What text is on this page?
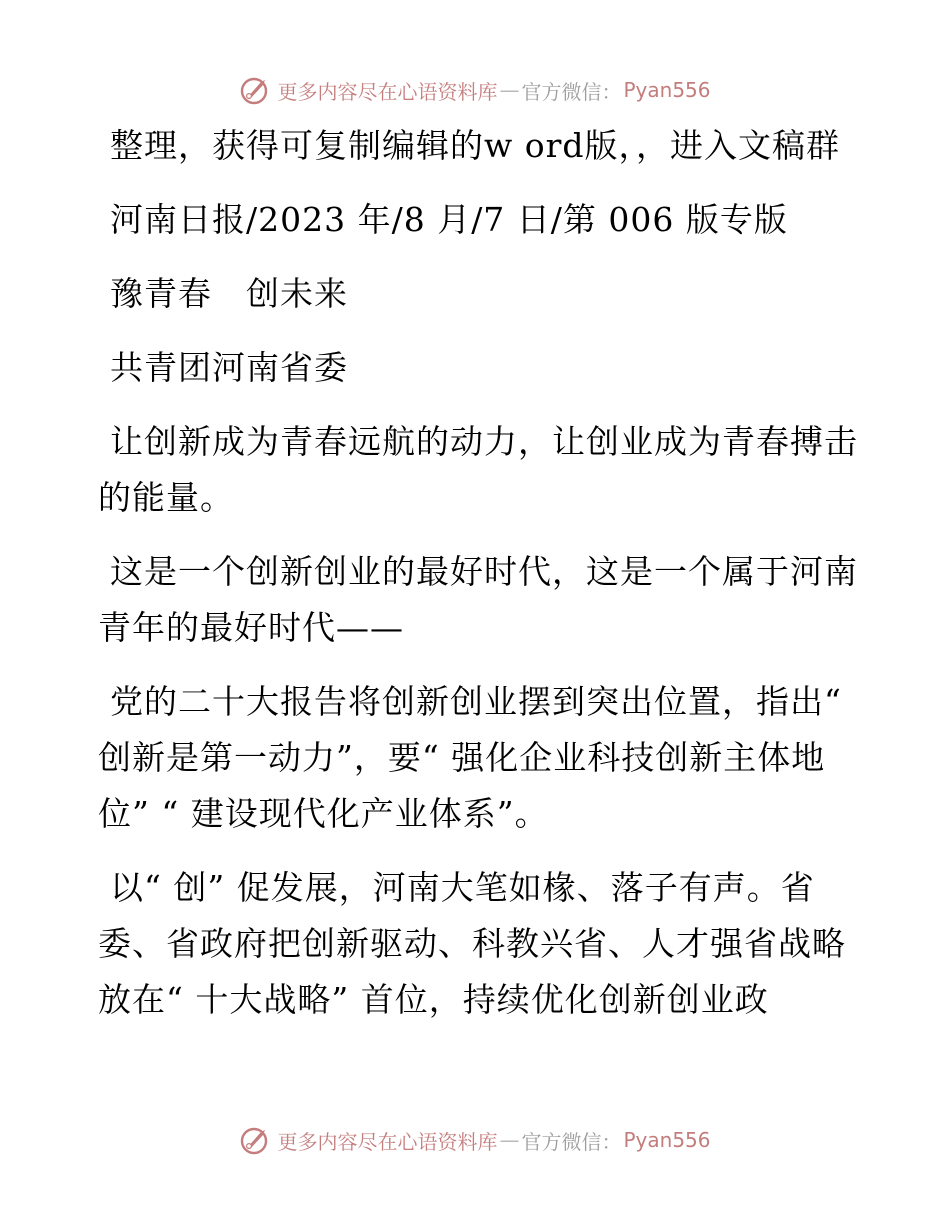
更多内容尽在心语资料库 — 官方微信： Pyan556

整理，获得可复制编辑的w ord版，，进入文稿群

河南日报/2023 年/8 月/7 日/第 006 版专版

豫青春　创未来

共青团河南省委

让创新成为青春远航的动力，让创业成为青春搏击的能量。

这是一个创新创业的最好时代，这是一个属于河南青年的最好时代——

党的二十大报告将创新创业摆到突出位置，指出“ 创新是第一动力”，要“ 强化企业科技创新主体地位” “ 建设现代化产业体系”。

以“ 创” 促发展，河南大笔如椽、落子有声。省委、省政府把创新驱动、科教兴省、人才强省战略放在“ 十大战略” 首位，持续优化创新创业政

更多内容尽在心语资料库 — 官方微信： Pyan556
